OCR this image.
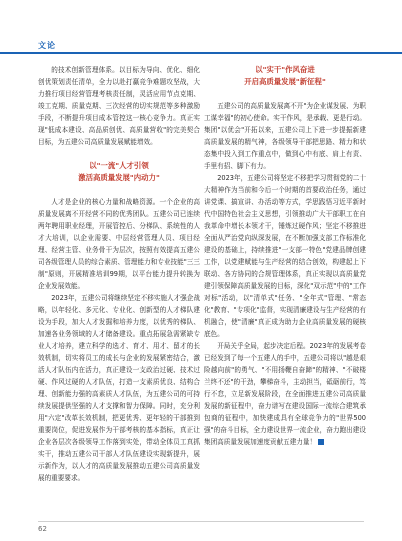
文论

的技术创新管理体系。以目标为导向、优化、细化创优策划责任清单，全力以赴打赢竞争难题攻坚战，大力推行项目经营管理考核责任制，灵活应用节点克期、竣工克期、质量克期、三次经营的切实规范等多种激励手段，不断提升项目成本管控这一核心竞争力。真正实现"低成本建设、高品质创优、高质量营收"的完美契合目标，为五建公司高质量发展赋能增效。

以"一流"人才引领
激活高质量发展"内动力"

人才是企业的核心力量和战略资源。一个企业的高质量发展离不开经营不同的优秀团队。五建公司已连续两年聘用职业经理，开展管控后、分梯队、系统性的人才大培训，以企业需要、中层经营管理人员、项目经理、经营主管、业务骨干为层次，按照有效提高五建公司各级管理人员的综合素质、管理能力和专业技能"三三制"原则，开展精准培训99期，以平台能力提升转换为企业发展效能。

2023年，五建公司将继续坚定不移实施人才强企战略，以年轻化、多元化、专业化、创新型的人才梯队建设为手段，加大人才发掘和培养力度，以优秀的梯队、加速各业务领域的人才储备建设。重点拓展急需紧缺专业人才培养，建立科学的选才、育才、用才、留才的长效机制，切实将员工的成长与企业的发展紧密结合，激活人才队伍内在活力，真正建设一支政治过硬、技术过硬、作风过硬的人才队伍，打造一支素质优良、结构合理、创新能力强的高素质人才队伍，为五建公司的可持续发展提供坚强的人才支撑和智力保障。同时，充分利用"六定"改革长效机制，把更优秀、更年轻的干部推到重要岗位，促进发展作为干部考核的基本指标，真正让企业各层次各级领导工作落到实处，带动全体员工真抓实干，推动五建公司干部人才队伍建设实现新提升，展示新作为，以人才的高质量发展推动五建公司高质量发展的重要要求。

以"实干"作风奋进
开启高质量发展"新征程"

五建公司的高质量发展离不开"为企业谋发展、为职工谋幸福"的初心使命。实干作风，是承载、更是行动。集团"以优会"开拓以来，五建公司上下进一步提振新建高质量发展的精气神，各级领导干部把思路、精力和状态集中投入到工作重点中，做到心中有底、肩上有责、手里有招、脚下有力。

2023年，五建公司将坚定不移把学习贯彻党的二十大精神作为当前和今后一个时期的首要政治任务，通过讲党课、搞宣讲、办活动等方式，学思践悟习近平新时代中国特色社会主义思想，引领推动广大干部职工在自我革命中增长本领才干，锤炼过硬作风；坚定不移推进全面从严治党向纵深发展，在不断加强支部工作标准化建设的基础上，持续推进"一支部一特色"党建品牌创建工作，以党建赋能与生产经营的结合创效，构建起上下联动、各方协同的合规管理体系，真正实现以高质量党建引领保障高质量发展的目标，深化"双示范"中的"工作对标"活动，以"清单式"任务、"全年式"管理、"常态化"教育、"专项化"监督，实现清廉建设与生产经营的有机融合，使"清廉"真正成为助力企业高质量发展的硬核底色。

开局关乎全局，起步决定后程。2023年的发展考卷已经发到了每一个五建人的手中，五建公司将以"越是艰险越向前"的勇气、"不用扬鞭自奋蹄"的精神、"不破楼兰终不还"的干劲，攀梯奋斗，主动担当，砥砺前行，笃行不怠，立足新发展阶段，在全面推进五建公司高质量发展的新征程中，奋力谱写在建设国际一流综合建筑承包商的征程中，加快建成具有全球竞争力的"世界500强"的奋斗目标，全力建设世界一流企业，奋力跑出建设集团高质量发展加速度贡献五建力量！

62
